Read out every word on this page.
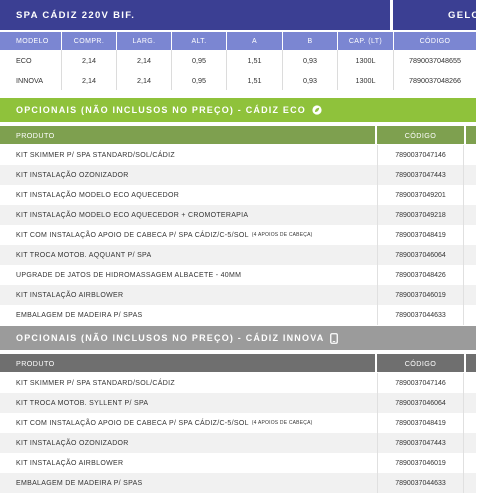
SPA CÁDIZ 220V BIF.	GELO
MODELO	COMPR.	LARG.	ALT.	A	B	CAP. (LT)	CÓDIGO
ECO	2,14	2,14	0,95	1,51	0,93	1300L	7890037048655
INNOVA	2,14	2,14	0,95	1,51	0,93	1300L	7890037048266
OPCIONAIS (NÃO INCLUSOS NO PREÇO) - CÁDIZ ECO
PRODUTO	CÓDIGO
KIT SKIMMER P/ SPA STANDARD/SOL/CÁDIZ	7890037047146
KIT INSTALAÇÃO OZONIZADOR	7890037047443
KIT INSTALAÇÃO MODELO ECO AQUECEDOR	7890037049201
KIT INSTALAÇÃO MODELO ECO AQUECEDOR + CROMOTERAPIA	7890037049218
KIT COM INSTALAÇÃO APOIO DE CABECA P/ SPA CÁDIZ/C-5/SOL (4 APOIOS DE CABEÇA)	7890037048419
KIT TROCA MOTOB. AQQUANT P/ SPA	7890037046064
UPGRADE DE JATOS DE HIDROMASSAGEM ALBACETE - 40MM	7890037048426
KIT INSTALAÇÃO AIRBLOWER	7890037046019
EMBALAGEM DE MADEIRA P/ SPAS	7890037044633
OPCIONAIS (NÃO INCLUSOS NO PREÇO) - CÁDIZ INNOVA
PRODUTO	CÓDIGO
KIT SKIMMER P/ SPA STANDARD/SOL/CÁDIZ	7890037047146
KIT TROCA MOTOB. SYLLENT P/ SPA	7890037046064
KIT COM INSTALAÇÃO APOIO DE CABECA P/ SPA CÁDIZ/C-5/SOL (4 APOIOS DE CABEÇA)	7890037048419
KIT INSTALAÇÃO OZONIZADOR	7890037047443
KIT INSTALAÇÃO AIRBLOWER	7890037046019
EMBALAGEM DE MADEIRA P/ SPAS	7890037044633
